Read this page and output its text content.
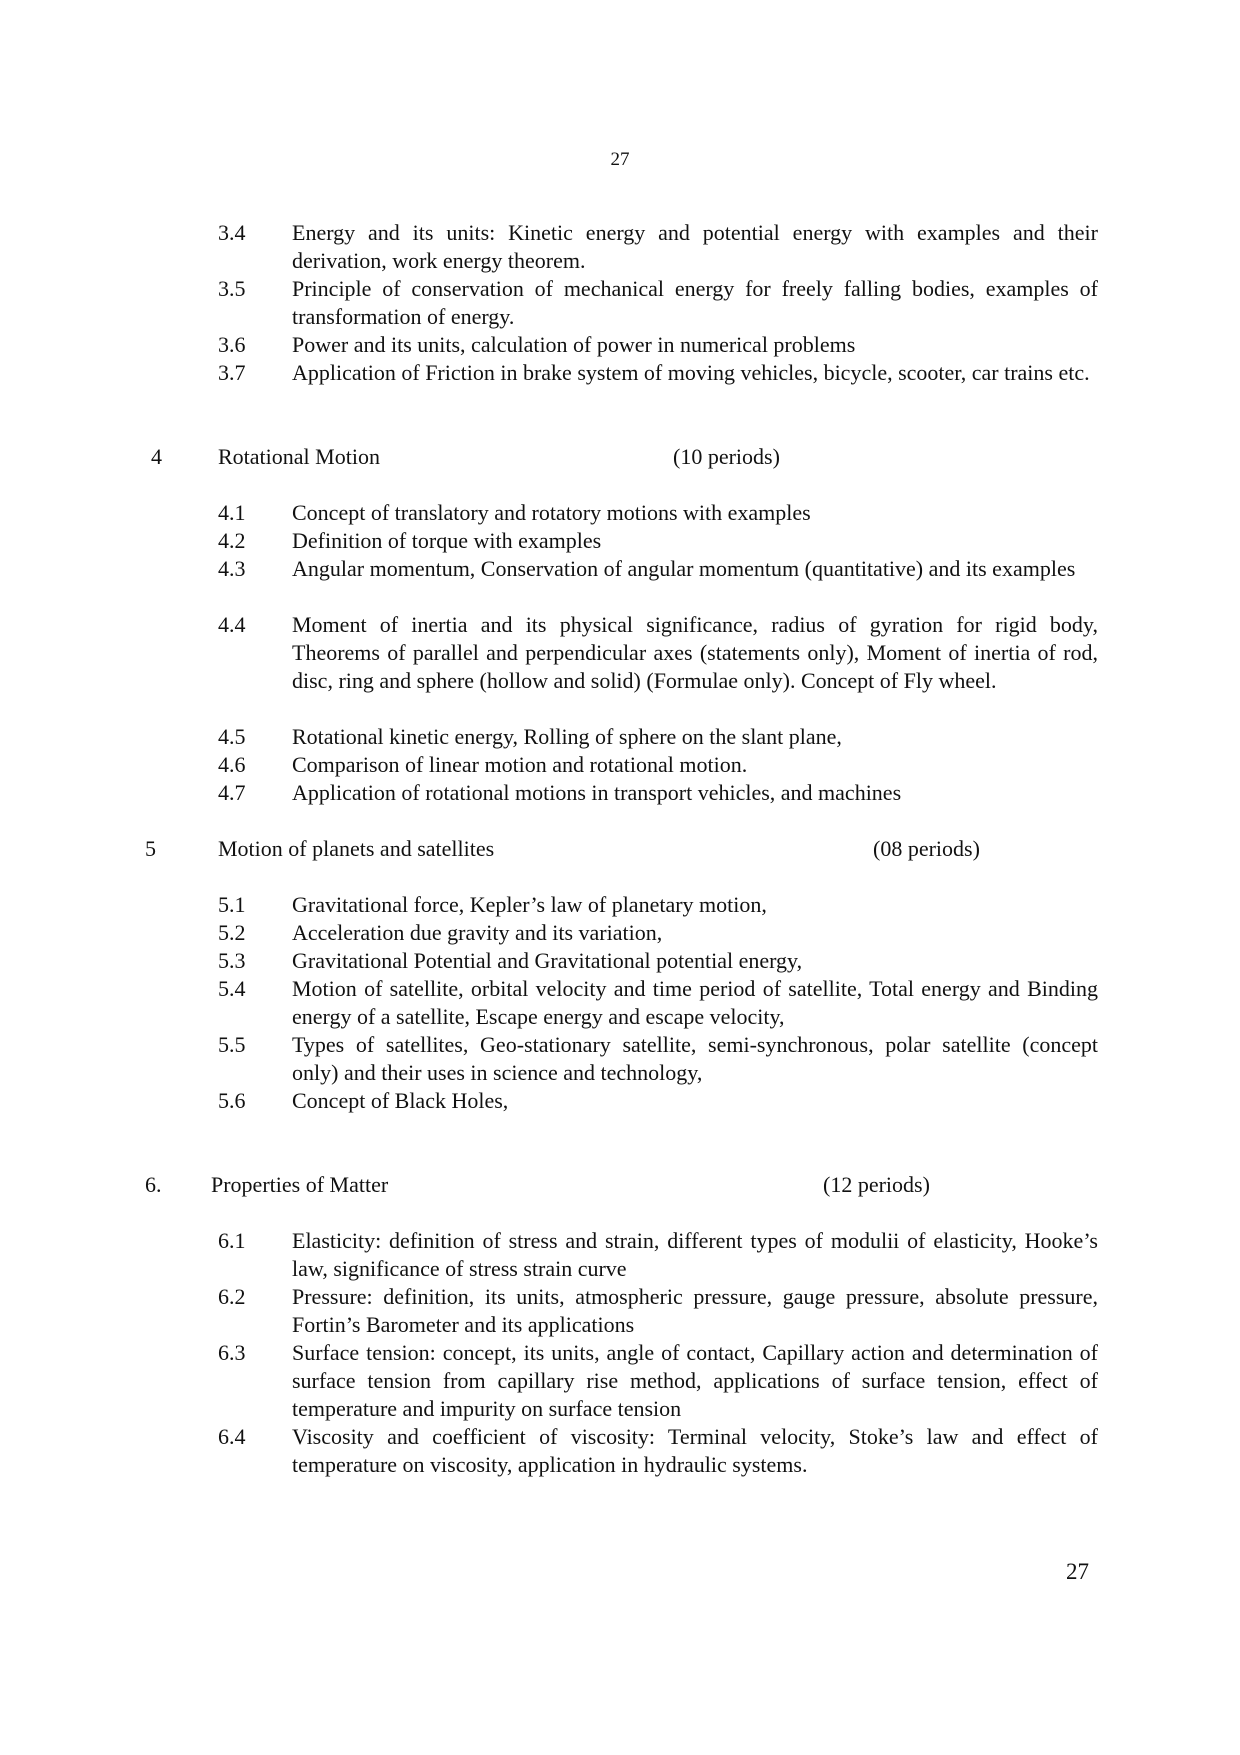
27
3.4 Energy and its units: Kinetic energy and potential energy with examples and their derivation, work energy theorem.
3.5 Principle of conservation of mechanical energy for freely falling bodies, examples of transformation of energy.
3.6 Power and its units, calculation of power in numerical problems
3.7 Application of Friction in brake system of moving vehicles, bicycle, scooter, car trains etc.
4	Rotational Motion	(10 periods)
4.1 Concept of translatory and rotatory motions with examples
4.2 Definition of torque with examples
4.3 Angular momentum, Conservation of angular momentum (quantitative) and its examples
4.4 Moment of inertia and its physical significance, radius of gyration for rigid body, Theorems of parallel and perpendicular axes (statements only), Moment of inertia of rod, disc, ring and sphere (hollow and solid) (Formulae only). Concept of Fly wheel.
4.5 Rotational kinetic energy, Rolling of sphere on the slant plane,
4.6 Comparison of linear motion and rotational motion.
4.7 Application of rotational motions in transport vehicles, and machines
5	Motion of planets and satellites	(08 periods)
5.1 Gravitational force, Kepler’s law of planetary motion,
5.2 Acceleration due gravity and its variation,
5.3 Gravitational Potential and Gravitational potential energy,
5.4 Motion of satellite, orbital velocity and time period of satellite, Total energy and Binding energy of a satellite, Escape energy and escape velocity,
5.5 Types of satellites, Geo-stationary satellite, semi-synchronous, polar satellite (concept only) and their uses in science and technology,
5.6 Concept of Black Holes,
6. Properties of Matter	(12 periods)
6.1 Elasticity: definition of stress and strain, different types of modulii of elasticity, Hooke’s law, significance of stress strain curve
6.2 Pressure: definition, its units, atmospheric pressure, gauge pressure, absolute pressure, Fortin’s Barometer and its applications
6.3 Surface tension: concept, its units, angle of contact, Capillary action and determination of surface tension from capillary rise method, applications of surface tension, effect of temperature and impurity on surface tension
6.4 Viscosity and coefficient of viscosity: Terminal velocity, Stoke’s law and effect of temperature on viscosity, application in hydraulic systems.
27
